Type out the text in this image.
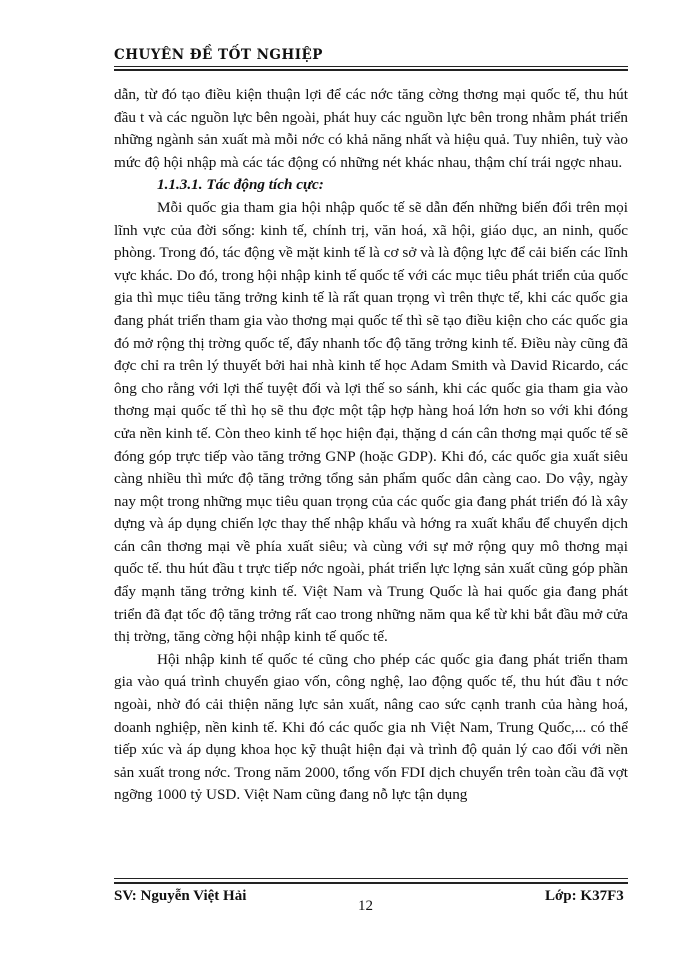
CHUYÊN ĐỀ TỐT NGHIỆP

dẫn, từ đó tạo điều kiện thuận lợi để các nớc tăng cờng thơng mại quốc tế, thu hút đầu t và các nguồn lực bên ngoài, phát huy các nguồn lực bên trong nhằm phát triển những ngành sản xuất mà mỗi nớc có khả năng nhất và hiệu quả. Tuy nhiên, tuỳ vào mức độ hội nhập mà các tác động có những nét khác nhau, thậm chí trái ngợc nhau.

1.1.3.1. Tác động tích cực:

Mỗi quốc gia tham gia hội nhập quốc tế sẽ dẫn đến những biến đổi trên mọi lĩnh vực của đời sống: kinh tế, chính trị, văn hoá, xã hội, giáo dục, an ninh, quốc phòng. Trong đó, tác động về mặt kinh tế là cơ sở và là động lực để cải biến các lĩnh vực khác. Do đó, trong hội nhập kinh tế quốc tế với các mục tiêu phát triển của quốc gia thì mục tiêu tăng trởng kinh tế là rất quan trọng vì trên thực tế, khi các quốc gia đang phát triển tham gia vào thơng mại quốc tế thì sẽ tạo điều kiện cho các quốc gia đó mở rộng thị trờng quốc tế, đẩy nhanh tốc độ tăng trởng kinh tế. Điều này cũng đã đợc chỉ ra trên lý thuyết bởi hai nhà kinh tế học Adam Smith và David Ricardo, các ông cho rằng với lợi thế tuyệt đối và lợi thế so sánh, khi các quốc gia tham gia vào thơng mại quốc tế thì họ sẽ thu đợc một tập hợp hàng hoá lớn hơn so với khi đóng cửa nền kinh tế. Còn theo kinh tế học hiện đại, thặng d cán cân thơng mại quốc tế sẽ đóng góp trực tiếp vào tăng trởng GNP (hoặc GDP). Khi đó, các quốc gia xuất siêu càng nhiều thì mức độ tăng trởng tổng sản phẩm quốc dân càng cao. Do vậy, ngày nay một trong những mục tiêu quan trọng của các quốc gia đang phát triển đó là xây dựng và áp dụng chiến lợc thay thế nhập khẩu và hớng ra xuất khẩu để chuyển dịch cán cân thơng mại về phía xuất siêu; và cùng với sự mở rộng quy mô thơng mại quốc tế. thu hút đầu t trực tiếp nớc ngoài, phát triển lực lợng sản xuất cũng góp phần đẩy mạnh tăng trởng kinh tế. Việt Nam và Trung Quốc là hai quốc gia đang phát triển đã đạt tốc độ tăng trởng rất cao trong những năm qua kể từ khi bắt đầu mở cửa thị trờng, tăng cờng hội nhập kinh tế quốc tế.

Hội nhập kinh tế quốc té cũng cho phép các quốc gia đang phát triển tham gia vào quá trình chuyển giao vốn, công nghệ, lao động quốc tế, thu hút đầu t nớc ngoài, nhờ đó cải thiện năng lực sản xuất, nâng cao sức cạnh tranh của hàng hoá, doanh nghiệp, nền kinh tế. Khi đó các quốc gia nh Việt Nam, Trung Quốc,... có thể tiếp xúc và áp dụng khoa học kỹ thuật hiện đại và trình độ quản lý cao đối với nền sản xuất trong nớc. Trong năm 2000, tổng vốn FDI dịch chuyển trên toàn cầu đã vợt ngỡng 1000 tỷ USD. Việt Nam cũng đang nỗ lực tận dụng

SV: Nguyễn Việt Hải
12
Lớp: K37F3
